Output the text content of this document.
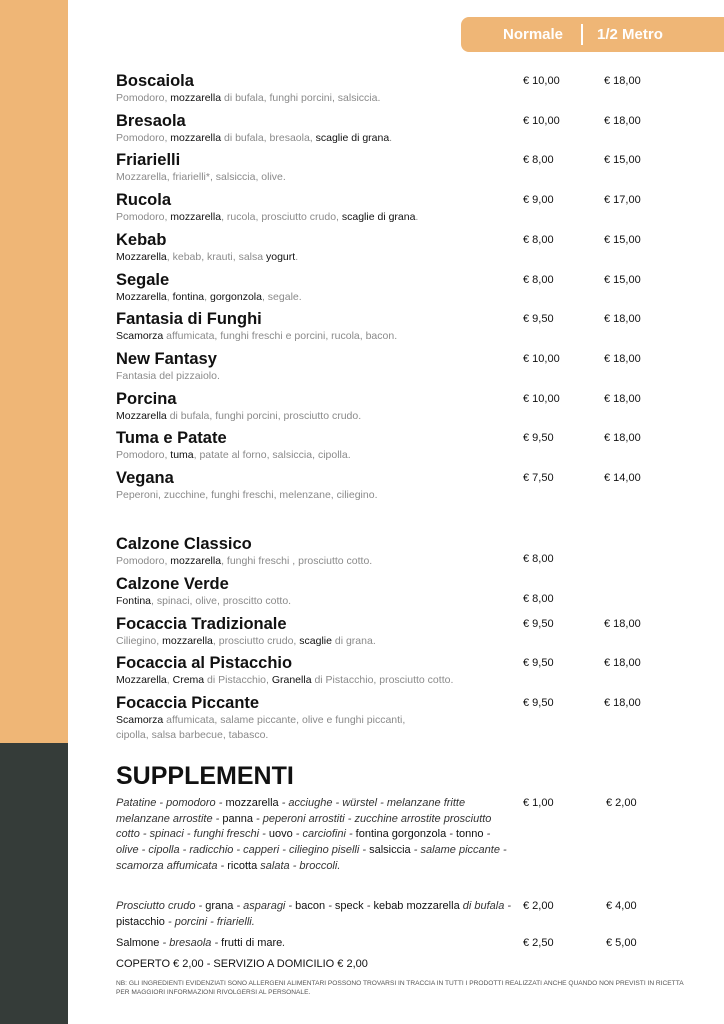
Normale 1/2 Metro
Boscaiola
Pomodoro, mozzarella di bufala, funghi porcini, salsiccia.
€ 10,00	€ 18,00
Bresaola
Pomodoro, mozzarella di bufala, bresaola, scaglie di grana.
€ 10,00	€ 18,00
Friarielli
Mozzarella, friarielli*, salsiccia, olive.
€ 8,00	€ 15,00
Rucola
Pomodoro, mozzarella, rucola, prosciutto crudo, scaglie di grana.
€ 9,00	€ 17,00
Kebab
Mozzarella, kebab, krauti, salsa yogurt.
€ 8,00	€ 15,00
Segale
Mozzarella, fontina, gorgonzola, segale.
€ 8,00	€ 15,00
Fantasia di Funghi
Scamorza affumicata, funghi freschi e porcini, rucola, bacon.
€ 9,50	€ 18,00
New Fantasy
Fantasia del pizzaiolo.
€ 10,00	€ 18,00
Porcina
Mozzarella di bufala, funghi porcini, prosciutto crudo.
€ 10,00	€ 18,00
Tuma e Patate
Pomodoro, tuma, patate al forno, salsiccia, cipolla.
€ 9,50	€ 18,00
Vegana
Peperoni, zucchine, funghi freschi, melenzane, ciliegino.
€ 7,50	€ 14,00
Calzone Classico
Pomodoro, mozzarella, funghi freschi , prosciutto cotto.	€ 8,00
Calzone Verde
Fontina, spinaci, olive, proscitto cotto.	€ 8,00
Focaccia Tradizionale
Ciliegino, mozzarella, prosciutto crudo, scaglie di grana.
€ 9,50	€ 18,00
Focaccia al Pistacchio
Mozzarella, Crema di Pistacchio, Granella di Pistacchio, prosciutto cotto.
€ 9,50	€ 18,00
Focaccia Piccante
Scamorza affumicata, salame piccante, olive e funghi piccanti, cipolla, salsa barbecue, tabasco.
€ 9,50	€ 18,00
SUPPLEMENTI
Patatine - pomodoro - mozzarella - acciughe - würstel - melanzane fritte melanzane arrostite - panna - peperoni arrostiti - zucchine arrostite prosciutto cotto - spinaci - funghi freschi - uovo - carciofini - fontina gorgonzola - tonno - olive - cipolla - radicchio - capperi - ciliegino piselli - salsiccia - salame piccante - scamorza affumicata - ricotta salata - broccoli.
€ 1,00	€ 2,00
Prosciutto crudo - grana - asparagi - bacon - speck - kebab mozzarella di bufala - pistacchio - porcini - friarielli.
€ 2,00	€ 4,00
Salmone - bresaola - frutti di mare.	€ 2,50	€ 5,00
COPERTO € 2,00 - SERVIZIO A DOMICILIO € 2,00
NB: GLI INGREDIENTI EVIDENZIATI SONO ALLERGENI ALIMENTARI POSSONO TROVARSI IN TRACCIA IN TUTTI I PRODOTTI REALIZZATI ANCHE QUANDO NON PREVISTI IN RICETTA PER MAGGIORI INFORMAZIONI RIVOLGERSI AL PERSONALE.
